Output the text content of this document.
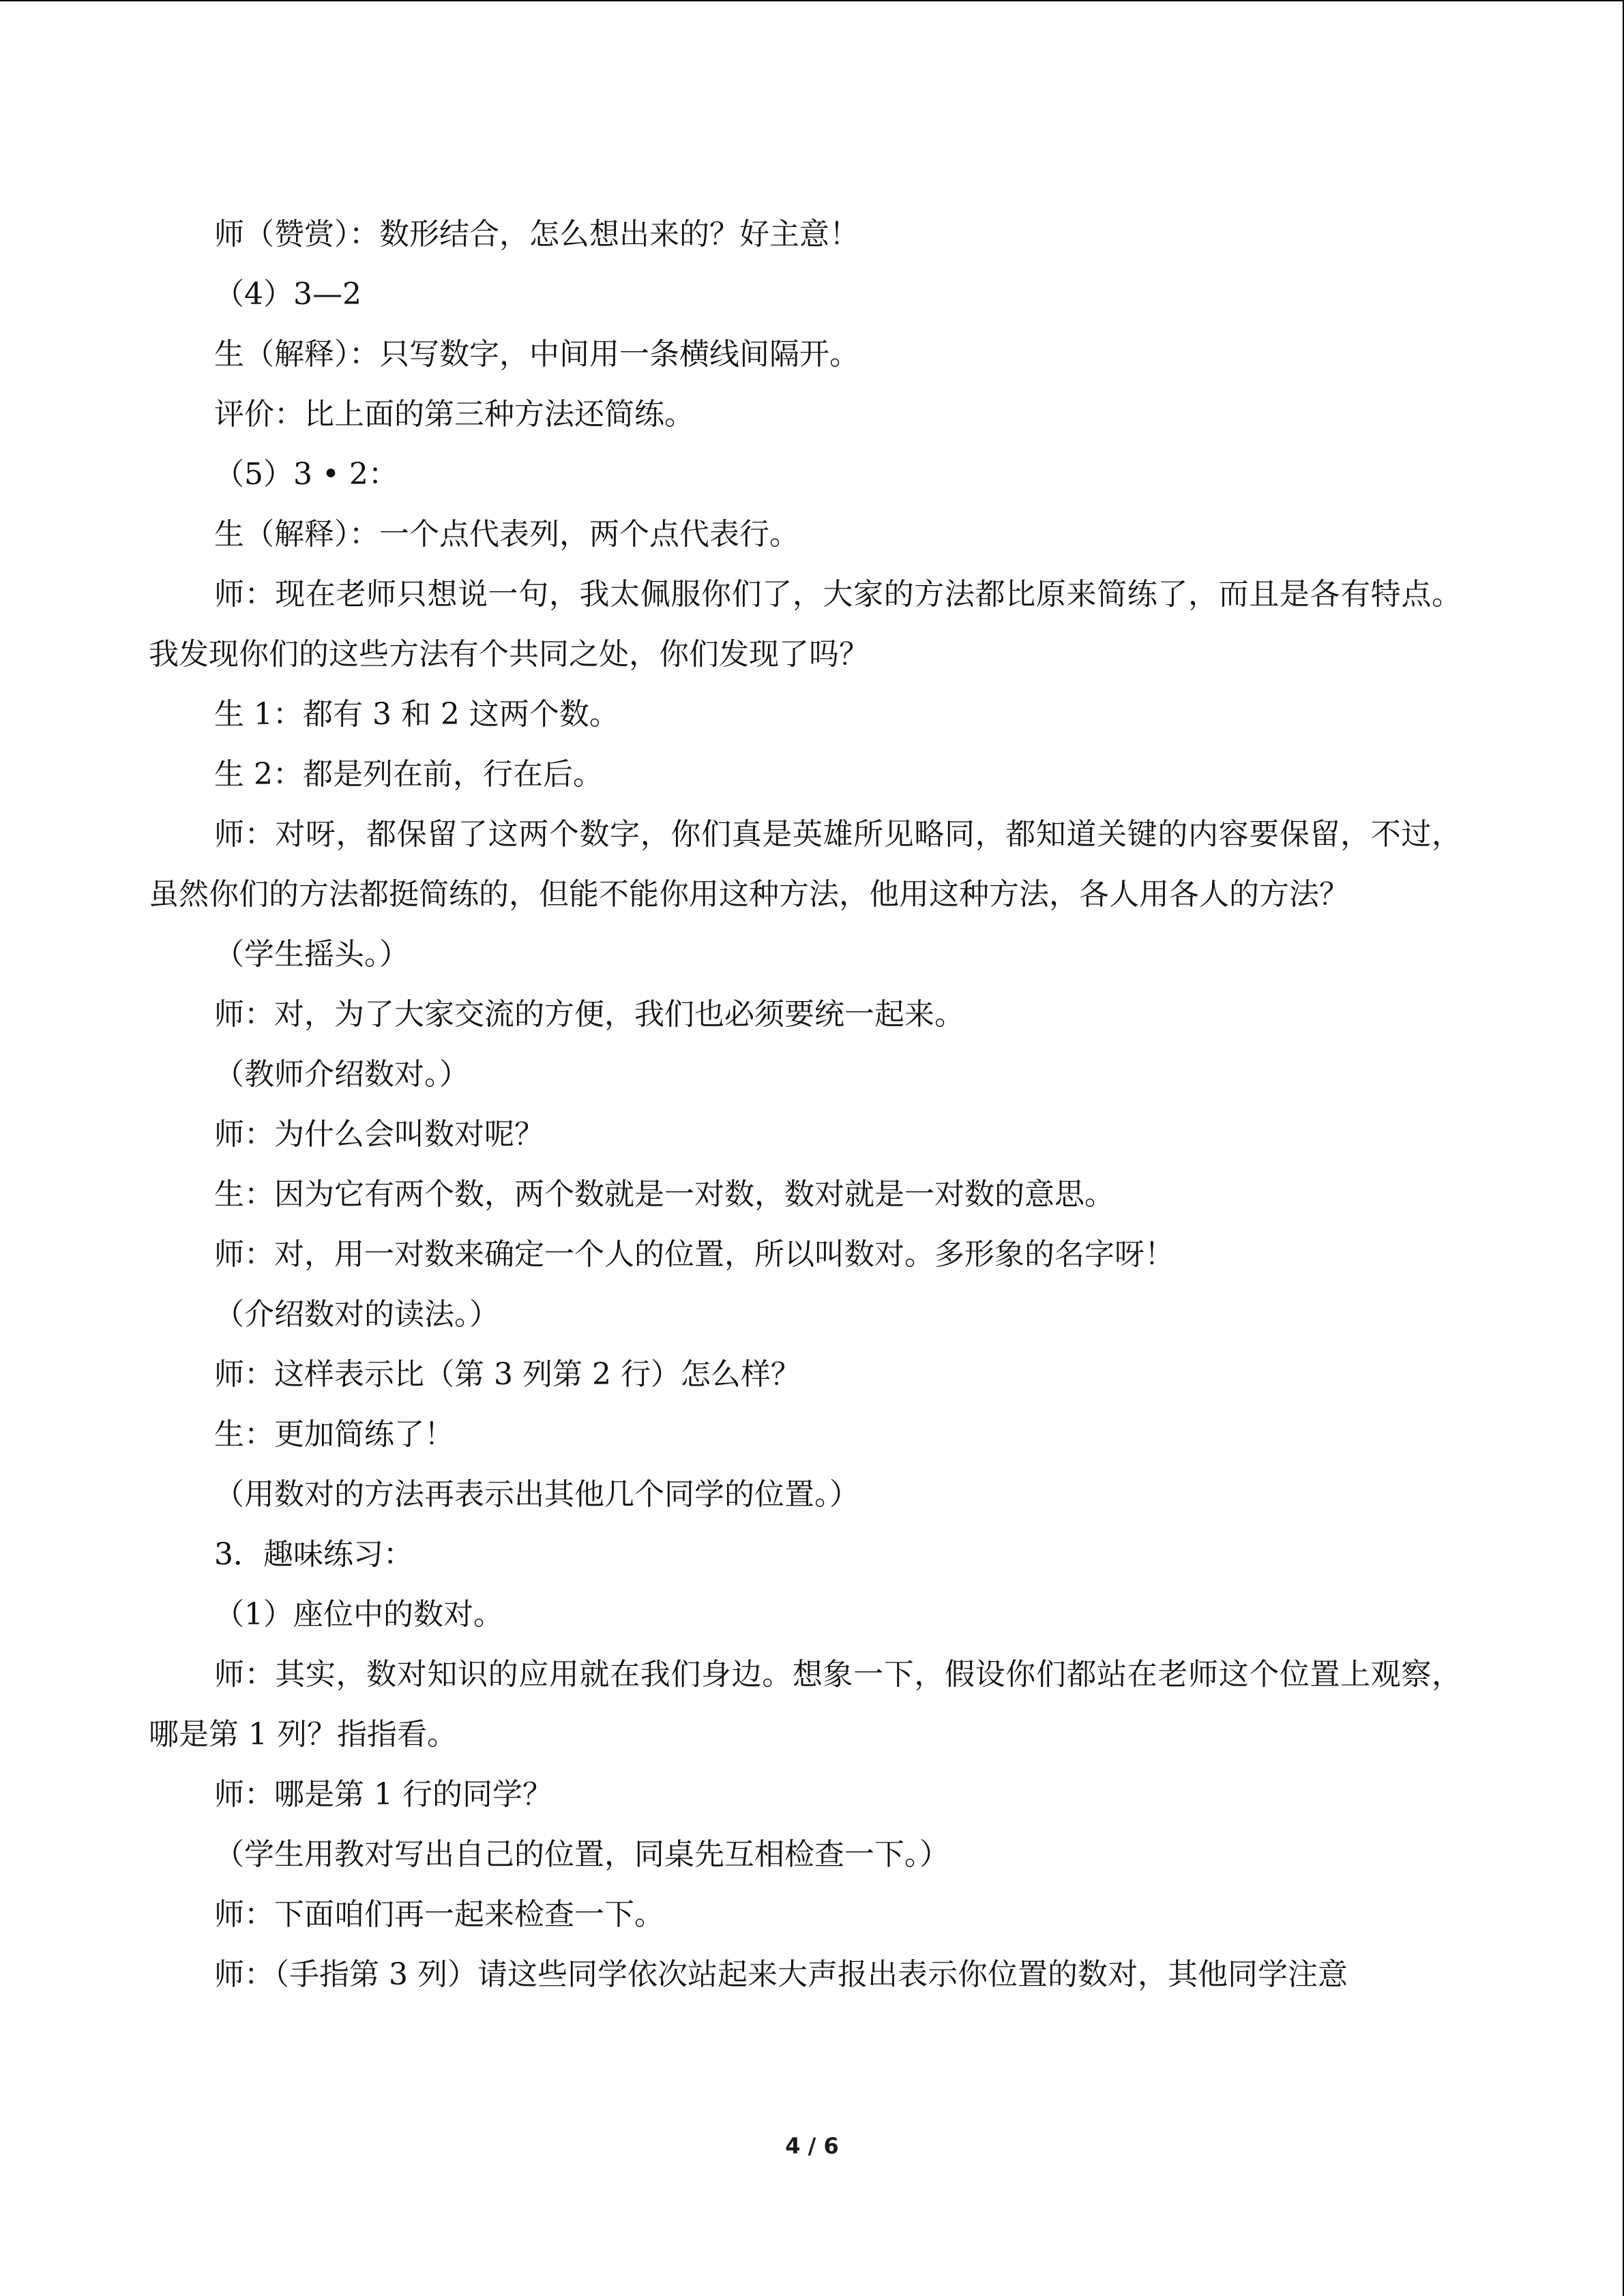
师（赞赏）：数形结合，怎么想出来的？好主意！

（4）3—2

生（解释）：只写数字，中间用一条横线间隔开。

评价：比上面的第三种方法还简练。

（5）3 • 2：

生（解释）：一个点代表列，两个点代表行。

师：现在老师只想说一句，我太佩服你们了，大家的方法都比原来简练了，而且是各有特点。我发现你们的这些方法有个共同之处，你们发现了吗？

生 1：都有 3 和 2 这两个数。

生 2：都是列在前，行在后。

师：对呀，都保留了这两个数字，你们真是英雄所见略同，都知道关键的内容要保留，不过，虽然你们的方法都挺简练的，但能不能你用这种方法，他用这种方法，各人用各人的方法？

（学生摇头。）

师：对，为了大家交流的方便，我们也必须要统一起来。

（教师介绍数对。）

师：为什么会叫数对呢？

生：因为它有两个数，两个数就是一对数，数对就是一对数的意思。

师：对，用一对数来确定一个人的位置，所以叫数对。多形象的名字呀！

（介绍数对的读法。）

师：这样表示比（第 3 列第 2 行）怎么样？

生：更加简练了！

（用数对的方法再表示出其他几个同学的位置。）

3．趣味练习：

（1）座位中的数对。

师：其实，数对知识的应用就在我们身边。想象一下，假设你们都站在老师这个位置上观察，哪是第 1 列？指指看。

师：哪是第 1 行的同学？

（学生用教对写出自己的位置，同桌先互相检查一下。）

师：下面咱们再一起来检查一下。

师：（手指第 3 列）请这些同学依次站起来大声报出表示你位置的数对，其他同学注意

4 / 6
